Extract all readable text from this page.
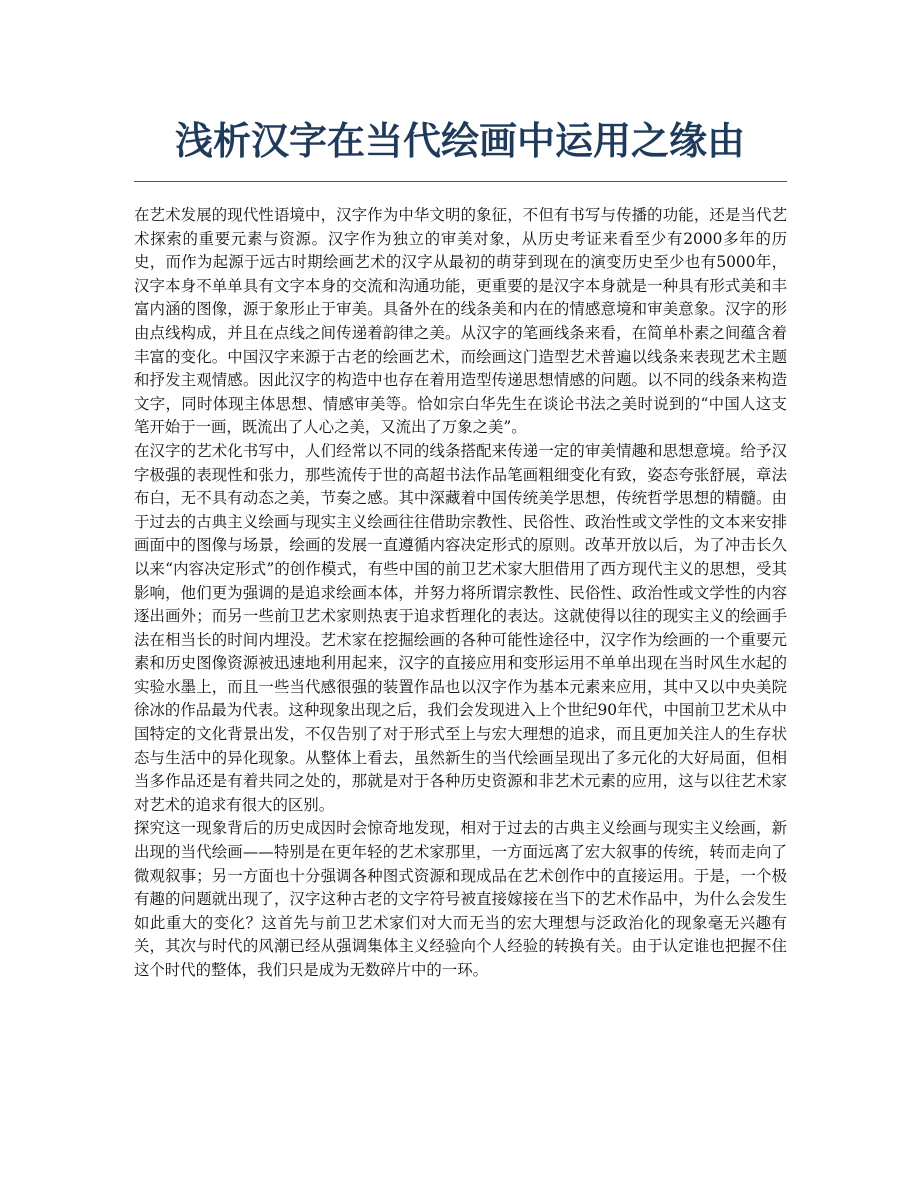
浅析汉字在当代绘画中运用之缘由

在艺术发展的现代性语境中，汉字作为中华文明的象征，不但有书写与传播的功能，还是当代艺术探索的重要元素与资源。汉字作为独立的审美对象，从历史考证来看至少有2000多年的历史，而作为起源于远古时期绘画艺术的汉字从最初的萌芽到现在的演变历史至少也有5000年，汉字本身不单单具有文字本身的交流和沟通功能，更重要的是汉字本身就是一种具有形式美和丰富内涵的图像，源于象形止于审美。具备外在的线条美和内在的情感意境和审美意象。汉字的形由点线构成，并且在点线之间传递着韵律之美。从汉字的笔画线条来看，在简单朴素之间蕴含着丰富的变化。中国汉字来源于古老的绘画艺术，而绘画这门造型艺术普遍以线条来表现艺术主题和抒发主观情感。因此汉字的构造中也存在着用造型传递思想情感的问题。以不同的线条来构造文字，同时体现主体思想、情感审美等。恰如宗白华先生在谈论书法之美时说到的“中国人这支笔开始于一画，既流出了人心之美，又流出了万象之美”。

在汉字的艺术化书写中，人们经常以不同的线条搭配来传递一定的审美情趣和思想意境。给予汉字极强的表现性和张力，那些流传于世的高超书法作品笔画粗细变化有致，姿态夸张舒展，章法布白，无不具有动态之美，节奏之感。其中深藏着中国传统美学思想，传统哲学思想的精髓。由于过去的古典主义绘画与现实主义绘画往往借助宗教性、民俗性、政治性或文学性的文本来安排画面中的图像与场景，绘画的发展一直遵循内容决定形式的原则。改革开放以后，为了冲击长久以来“内容决定形式”的创作模式，有些中国的前卫艺术家大胆借用了西方现代主义的思想，受其影响，他们更为强调的是追求绘画本体，并努力将所谓宗教性、民俗性、政治性或文学性的内容逐出画外；而另一些前卫艺术家则热衷于追求哲理化的表达。这就使得以往的现实主义的绘画手法在相当长的时间内埋没。艺术家在挖掘绘画的各种可能性途径中，汉字作为绘画的一个重要元素和历史图像资源被迅速地利用起来，汉字的直接应用和变形运用不单单出现在当时风生水起的实验水墨上，而且一些当代感很强的装置作品也以汉字作为基本元素来应用，其中又以中央美院徐冰的作品最为代表。这种现象出现之后，我们会发现进入上个世纪90年代，中国前卫艺术从中国特定的文化背景出发，不仅告别了对于形式至上与宏大理想的追求，而且更加关注人的生存状态与生活中的异化现象。从整体上看去，虽然新生的当代绘画呈现出了多元化的大好局面，但相当多作品还是有着共同之处的，那就是对于各种历史资源和非艺术元素的应用，这与以往艺术家对艺术的追求有很大的区别。

探究这一现象背后的历史成因时会惊奇地发现，相对于过去的古典主义绘画与现实主义绘画，新出现的当代绘画——特别是在更年轻的艺术家那里，一方面远离了宏大叙事的传统，转而走向了微观叙事；另一方面也十分强调各种图式资源和现成品在艺术创作中的直接运用。于是，一个极有趣的问题就出现了，汉字这种古老的文字符号被直接嫁接在当下的艺术作品中，为什么会发生如此重大的变化？这首先与前卫艺术家们对大而无当的宏大理想与泛政治化的现象毫无兴趣有关，其次与时代的风潮已经从强调集体主义经验向个人经验的转换有关。由于认定谁也把握不住这个时代的整体，我们只是成为无数碎片中的一环。
